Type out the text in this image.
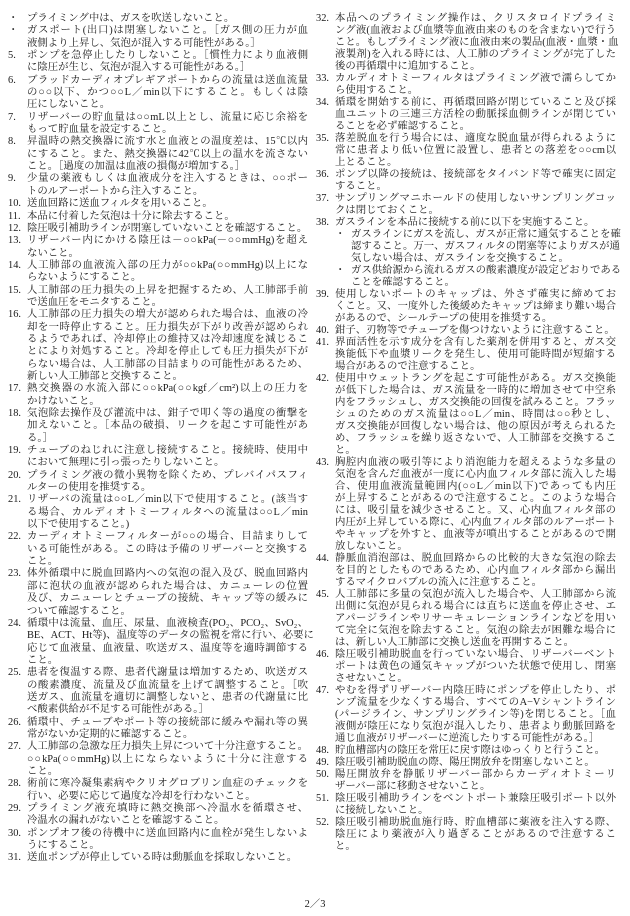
・ プライミング中は、ガスを吹送しないこと。
・ ガスポート(出口)は閉塞しないこと。［ガス側の圧力が血
液側より上昇し、気泡が混入する可能性がある。］
5. ポンプを急停止したりしないこと。［慣性力により血液側
に陰圧が生じ、気泡が混入する可能性がある。］
6. ブラッドカーディオプレギアポートからの流量は送血流量
の○○以下、かつ○○L／min以下にすること。もしくは陰
圧にしないこと。
7. リザーバーの貯血量は○○mL以上とし、流量に応じ余裕を
もって貯血量を設定すること。
8. 昇温時の熱交換器に流す水と血液との温度差は、15℃以内
にすること。また、熱交換器に42℃以上の温水を流さない
こと。［過度の加温は血液の損傷が増加する。］
9. 少量の薬液もしくは血液成分を注入するときは、○○ポー
トのルアーポートから注入すること。
10. 送血回路に送血フィルタを用いること。
11. 本品に付着した気泡は十分に除去すること。
12. 陰圧吸引補助ラインが閉塞していないことを確認すること。
13. リザーバー内にかける陰圧は－○○kPa(－○○mmHg)を超え
ないこと。
14. 人工肺部の血液流入部の圧力が○○kPa(○○mmHg)以上にな
らないようにすること。
15. 人工肺部の圧力損失の上昇を把握するため、人工肺部手前
で送血圧をモニタすること。
16. 人工肺部の圧力損失の増大が認められた場合は、血液の冷
却を一時停止すること。圧力損失が下がり改善が認められ
るようであれば、冷却停止の維持又は冷却速度を減じるこ
とにより対処すること。冷却を停止しても圧力損失が下が
らない場合は、人工肺部の目詰まりの可能性があるため、
新しい人工肺部と交換すること。
17. 熱交換器の水流入部に○○kPa(○○kgf／cm²)以上の圧力を
かけないこと。
18. 気泡除去操作及び灌流中は、鉗子で叩く等の過度の衝撃を
加えないこと。［本品の破損、リークを起こす可能性があ
る。］
19. チューブのねじれに注意し接続すること。接続時、使用中
において無理に引っ張ったりしないこと。
20. プライミング液の微小異物を除くため、プレバイパスフィ
ルターの使用を推奨する。
21. リザーバの流量は○○L／min以下で使用すること。(該当す
る場合、カルディオトミーフィルタへの流量は○○L／min
以下で使用すること。)
22. カーディオトミーフィルターが○○の場合、目詰まりして
いる可能性がある。この時は予備のリザーバーと交換する
こと。
23. 体外循環中に脱血回路内への気泡の混入及び、脱血回路内
部に泡状の血液が認められた場合は、カニューレの位置
及び、カニューレとチューブの接続、キャップ等の緩みに
ついて確認すること。
24. 循環中は流量、血圧、尿量、血液検査(PO₂、PCO₂、SvO₂、
BE、ACT、Ht等)、温度等のデータの監視を常に行い、必要に
応じて血液量、血液量、吹送ガス、温度等を適時調節する
こと。
25. 患者を復温する際、患者代謝量は増加するため、吹送ガス
の酸素濃度、流量及び血流量を上げて調整すること。［吹
送ガス、血流量を適切に調整しないと、患者の代謝量に比
べ酸素供給が不足する可能性がある。］
26. 循環中、チューブやポート等の接続部に緩みや漏れ等の異
常がないか定期的に確認すること。
27. 人工肺部の急激な圧力損失上昇について十分注意すること。
○○kPa(○○mmHg)以上にならないように十分に注意する
こと。
28. 術前に寒冷凝集素病やクリオグロブリン血症のチェックを
行い、必要に応じて過度な冷却を行わないこと。
29. プライミング液充填時に熱交換部へ冷温水を循環させ、
冷温水の漏れがないことを確認すること。
30. ポンプオフ後の待機中に送血回路内に血栓が発生しないよ
うにすること。
31. 送血ポンプが停止している時は動脈血を採取しないこと。
32. 本品へのプライミング操作は、クリスタロイドプライミ
ング液(血液および血漿等血液由来のものを含まない)で行う
こと。もしプライミング液に血液由来の製品(血液・血漿・血
液製剤)を入れる時には、人工肺のプライミングが完了した
後の再循環中に追加すること。
33. カルディオトミーフィルタはプライミング液で濡らしてか
ら使用すること。
34. 循環を開始する前に、再循環回路が閉じていること及び採
血ユニットの三連三方活栓の動脈採血側ラインが閉じてい
ることを必ず確認すること。
35. 落差脱血を行う場合には、適度な脱血量が得られるように
常に患者より低い位置に設置し、患者との落差を○○cm以
上とること。
36. ポンプ以降の接続は、接続部をタイバンド等で確実に固定
すること。
37. サンプリングマニホールドの使用しないサンプリングコッ
クは閉じておくこと。
38. ガスラインを本品に接続する前に以下を実施すること。
・ ガスラインにガスを流し、ガスが正常に通気することを確
認すること。万一、ガスフィルタの閉塞等によりガスが通
気しない場合は、ガスラインを交換すること。
・ ガス供給源から流れるガスの酸素濃度が設定どおりである
ことを確認すること。
39. 使用しないポートのキャップは、外さず確実に締めてお
くこと。又、一度外した後緩めたキャップは締まり難い場合
があるので、シールテープの使用を推奨する。
40. 鉗子、刃物等でチューブを傷つけないように注意すること。
41. 界面活性を示す成分を含有した薬剤を併用すると、ガス交
換能低下や血漿リークを発生し、使用可能時間が短縮する
場合があるので注意すること。
42. 使用中ウェットラングを起こす可能性がある。ガス交換能
が低下した場合は、ガス流量を一時的に増加させて中空糸
内をフラッシュし、ガス交換能の回復を試みること。フラッ
シュのためのガス流量は○○L／min、時間は○○秒とし、
ガス交換能が回復しない場合は、他の原因が考えられるた
め、フラッシュを繰り返さないで、人工肺部を交換するこ
と。
43. 胸腔内血液の吸引等により消泡能力を超えるような多量の
気泡を含んだ血液が一度に心内血フィルタ部に流入した場
合、使用血液流量範囲内(○○L／min以下)であっても内圧
が上昇することがあるので注意すること。このような場合
には、吸引量を減少させること。又、心内血フィルタ部の
内圧が上昇している際に、心内血フィルタ部のルアーポート
やキャップを外すと、血液等が噴出することがあるので開
放しないこと。
44. 静脈血消泡部は、脱血回路からの比較的大きな気泡の除去
を目的としたものであるため、心内血フィルタ部から漏出
するマイクロバブルの流入に注意すること。
45. 人工肺部に多量の気泡が流入した場合や、人工肺部から流
出側に気泡が見られる場合には直ちに送血を停止させ、エ
アパージラインやリサーキュレーションラインなどを用い
て完全に気泡を除去すること。気泡の除去が困難な場合に
は、新しい人工肺部に交換し送血を再開すること。
46. 陰圧吸引補助脱血を行っていない場合、リザーバーベント
ポートは黄色の通気キャップがついた状態で使用し、閉塞
させないこと。
47. やむを得ずリザーバー内陰圧時にポンプを停止したり、ポ
ンプ流量を少なくする場合、すべてのA−Vシャントライン
(パージライン、サンプリングライン等)を閉じること。［血
液側が陰圧になり気泡が混入したり、患者より動脈回路を
通じ血液がリザーバーに逆流したりする可能性がある。］
48. 貯血槽部内の陰圧を常圧に戻す際はゆっくりと行うこと。
49. 陰圧吸引補助脱血の際、陽圧開放弁を閉塞しないこと。
50. 陽圧開放弁を静脈リザーバー部からカーディオトミーリ
ザーバー部に移動させないこと。
51. 陰圧吸引補助ラインをベントポート兼陰圧吸引ポート以外
に接続しないこと。
52. 陰圧吸引補助脱血施行時、貯血槽部に薬液を注入する際、
陰圧により薬液が入り過ぎることがあるので注意するこ
と。
2／3
